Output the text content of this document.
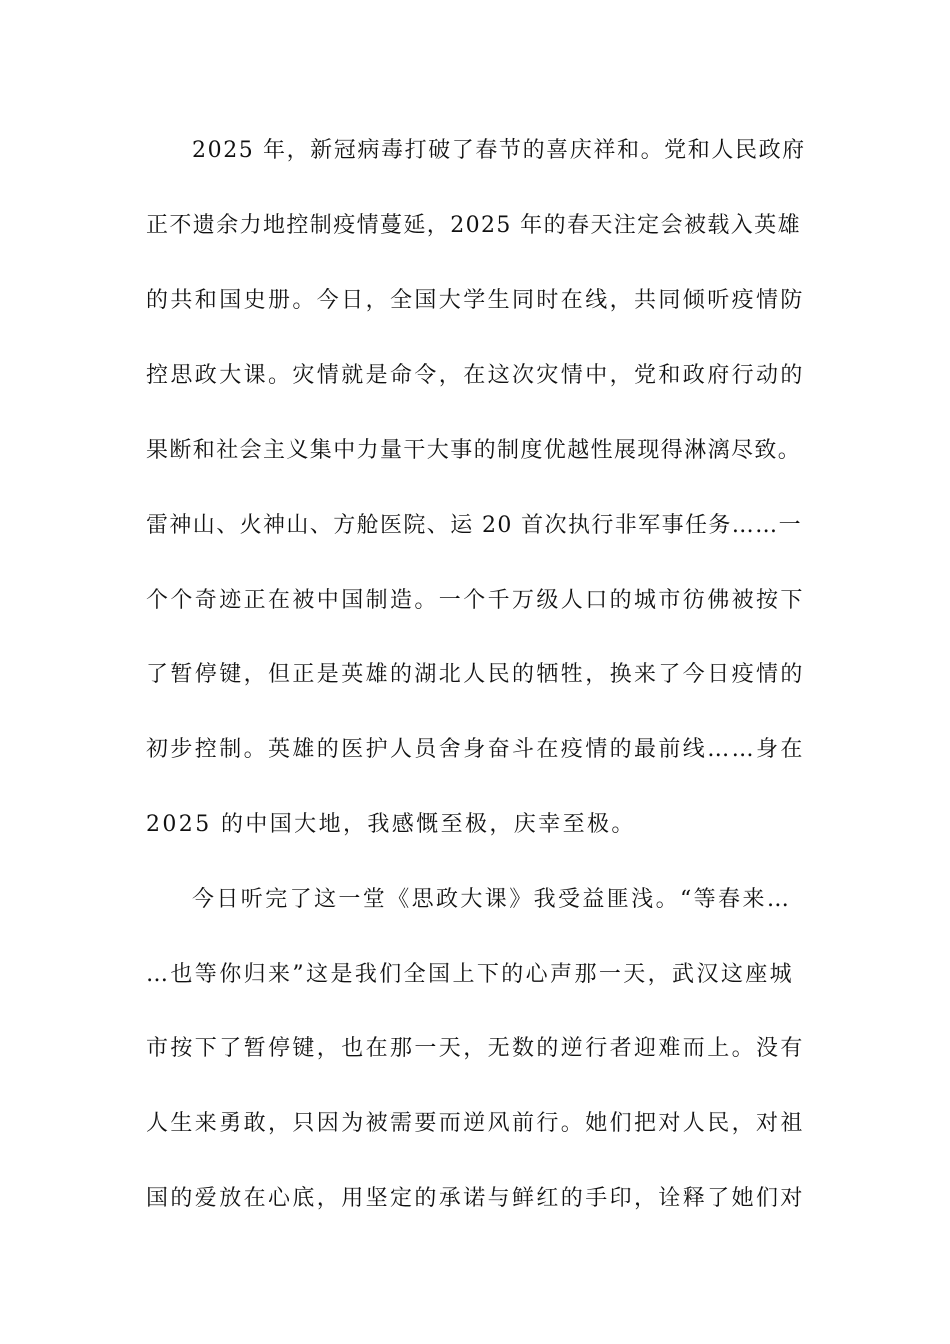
2025 年，新冠病毒打破了春节的喜庆祥和。党和人民政府
正不遗余力地控制疫情蔓延，2025 年的春天注定会被载入英雄
的共和国史册。今日，全国大学生同时在线，共同倾听疫情防
控思政大课。灾情就是命令，在这次灾情中，党和政府行动的
果断和社会主义集中力量干大事的制度优越性展现得淋漓尽致。
雷神山、火神山、方舱医院、运 20 首次执行非军事任务……一
个个奇迹正在被中国制造。一个千万级人口的城市彷佛被按下
了暂停键，但正是英雄的湖北人民的牺牲，换来了今日疫情的
初步控制。英雄的医护人员舍身奋斗在疫情的最前线……身在
2025 的中国大地，我感慨至极，庆幸至极。
今日听完了这一堂《思政大课》我受益匪浅。“等春来…
…也等你归来”这是我们全国上下的心声那一天，武汉这座城
市按下了暂停键，也在那一天，无数的逆行者迎难而上。没有
人生来勇敢，只因为被需要而逆风前行。她们把对人民，对祖
国的爱放在心底，用坚定的承诺与鲜红的手印，诠释了她们对
